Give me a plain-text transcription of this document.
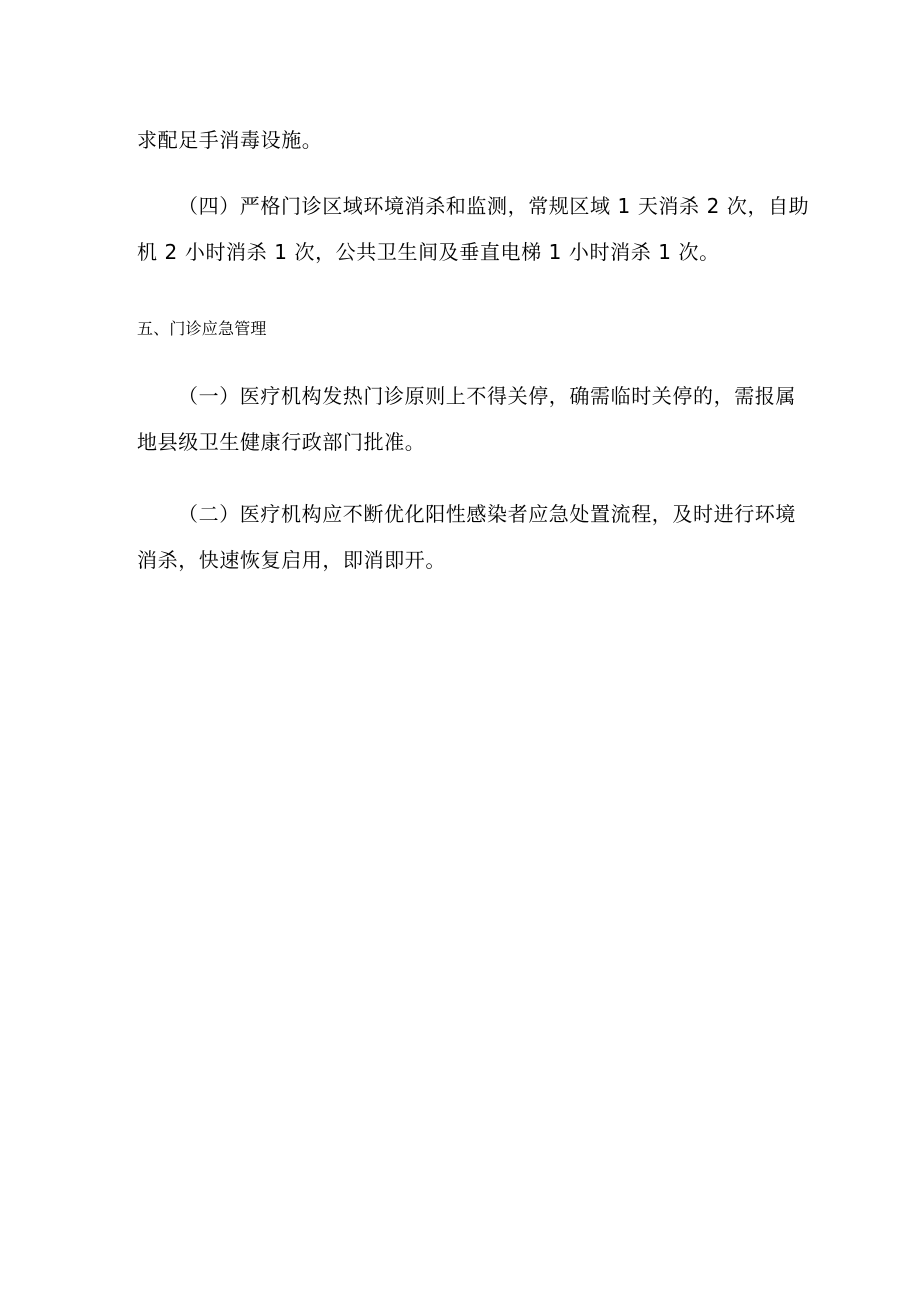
求配足手消毒设施。
（四）严格门诊区域环境消杀和监测，常规区域 1 天消杀 2 次，自助
机 2 小时消杀 1 次，公共卫生间及垂直电梯 1 小时消杀 1 次。
五、门诊应急管理
（一）医疗机构发热门诊原则上不得关停，确需临时关停的，需报属
地县级卫生健康行政部门批准。
（二）医疗机构应不断优化阳性感染者应急处置流程，及时进行环境
消杀，快速恢复启用，即消即开。
